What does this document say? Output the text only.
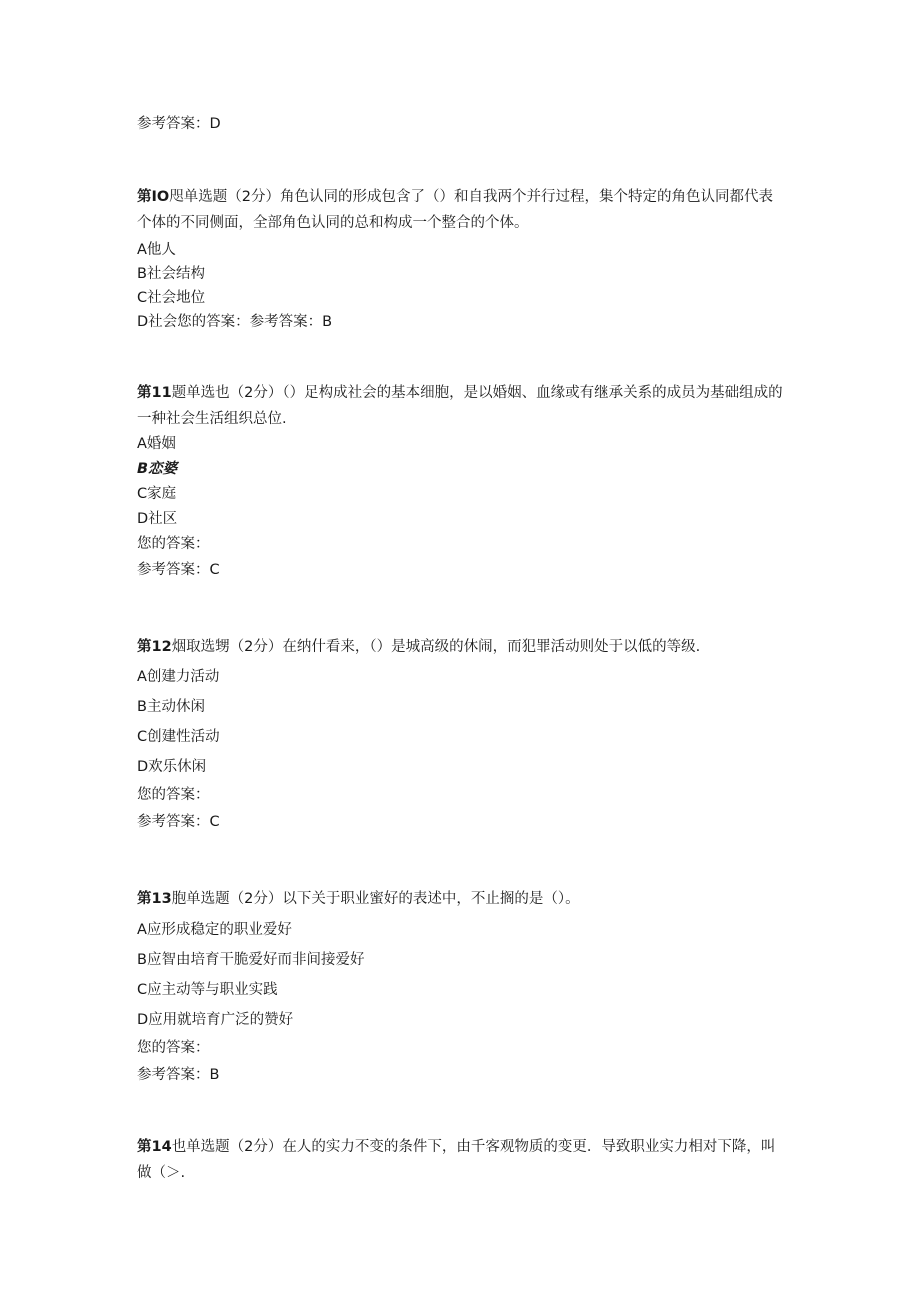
参考答案：D
第IO咫单选题（2分）角色认同的形成包含了（）和自我两个并行过程，集个特定的角色认同都代表个体的不同侧面，全部角色认同的总和构成一个整合的个体。
A他人
B社会结构
C社会地位
D社会您的答案：参考答案：B
第11题单选也（2分）（）足构成社会的基本细胞，是以婚姻、血缘或有继承关系的成员为基础组成的一种社会生活组织总位.
A婚姻
B恋婆
C家庭
D社区
您的答案：
参考答案：C
第12烟取选甥（2分）在纳什看来，（）是城高级的休闹，而犯罪活动则处于以低的等级.
A创建力活动
B主动休闲
C创建性活动
D欢乐休闲
您的答案：
参考答案：C
第13胞单选题（2分）以下关于职业蜜好的表述中，不止搁的是（）。
A应形成稳定的职业爱好
B应智由培育干脆爱好而非间接爱好
C应主动等与职业实践
D应用就培育广泛的赞好
您的答案：
参考答案：B
第14也单选题（2分）在人的实力不变的条件下，由千客观物质的变更．导致职业实力相对下降，叫做（＞.
